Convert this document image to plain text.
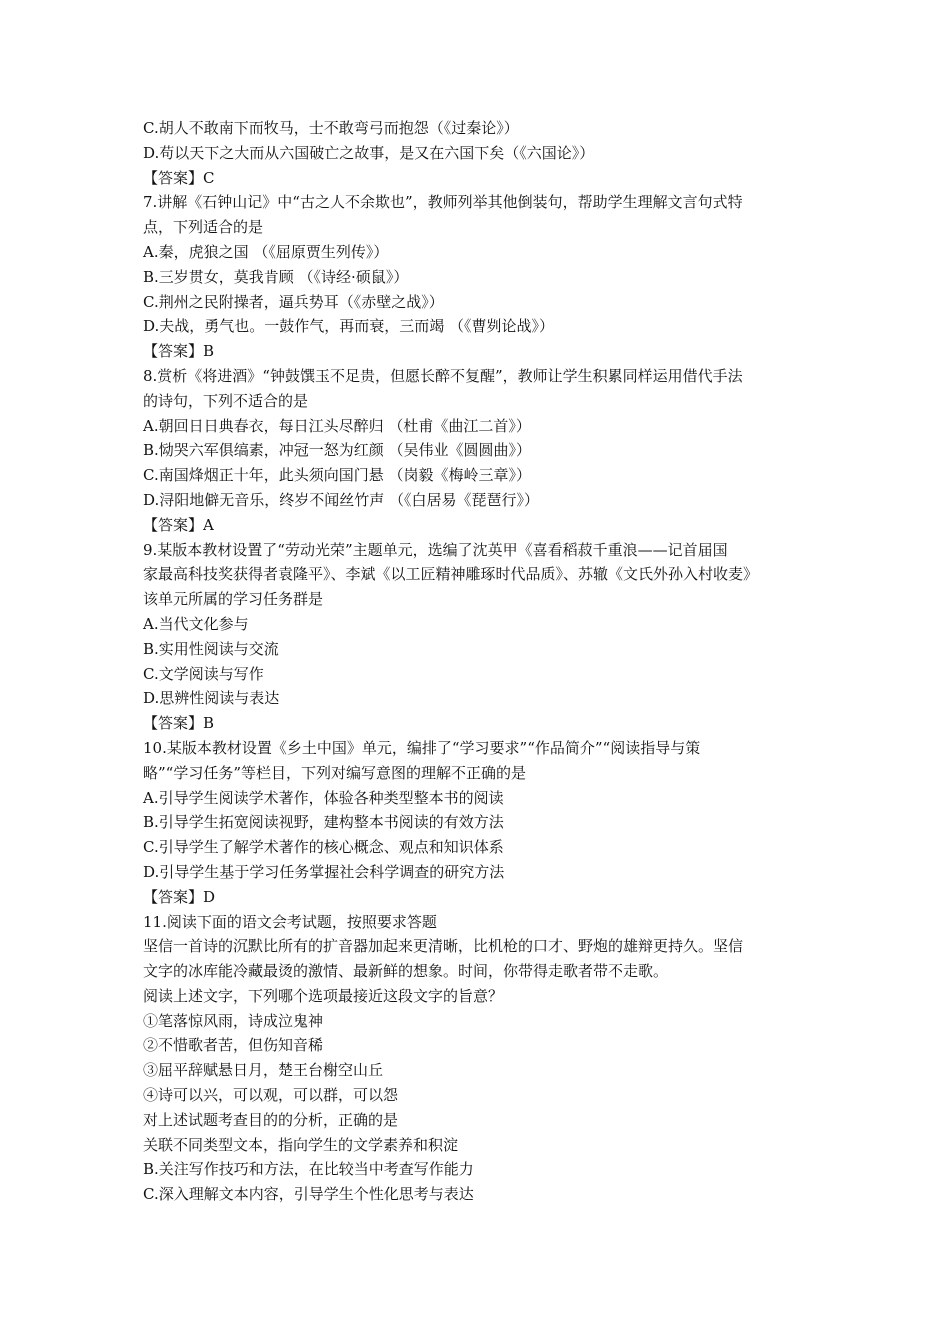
C.胡人不敢南下而牧马，士不敢弯弓而抱怨（《过秦论》）
D.苟以天下之大而从六国破亡之故事，是又在六国下矣（《六国论》）
【答案】C
7.讲解《石钟山记》中“古之人不余欺也”，教师列举其他倒装句，帮助学生理解文言句式特
点，下列适合的是
A.秦，虎狼之国 （《屈原贾生列传》）
B.三岁贯女，莫我肯顾 （《诗经·硕鼠》）
C.荆州之民附操者，逼兵势耳（《赤壁之战》）
D.夫战，勇气也。一鼓作气，再而衰，三而竭 （《曹刿论战》）
【答案】B
8.赏析《将进酒》“钟鼓馔玉不足贵，但愿长醉不复醒”，教师让学生积累同样运用借代手法
的诗句，下列不适合的是
A.朝回日日典春衣，每日江头尽醉归 （杜甫《曲江二首》）
B.恸哭六军俱缟素，冲冠一怒为红颜 （吴伟业《圆圆曲》）
C.南国烽烟正十年，此头须向国门悬 （岗毅《梅岭三章》）
D.浔阳地僻无音乐，终岁不闻丝竹声 （《白居易《琵琶行》）
【答案】A
9.某版本教材设置了“劳动光荣”主题单元，选编了沈英甲《喜看稻菽千重浪——记首届国
家最高科技奖获得者袁隆平》、李斌《以工匠精神雕琢时代品质》、苏辙《文氏外孙入村收麦》
该单元所属的学习任务群是
A.当代文化参与
B.实用性阅读与交流
C.文学阅读与写作
D.思辨性阅读与表达
【答案】B
10.某版本教材设置《乡土中国》单元，编排了“学习要求”“作品简介”“阅读指导与策
略”“学习任务”等栏目，下列对编写意图的理解不正确的是
A.引导学生阅读学术著作，体验各种类型整本书的阅读
B.引导学生拓宽阅读视野，建构整本书阅读的有效方法
C.引导学生了解学术著作的核心概念、观点和知识体系
D.引导学生基于学习任务掌握社会科学调查的研究方法
【答案】D
11.阅读下面的语文会考试题，按照要求答题
坚信一首诗的沉默比所有的扩音器加起来更清晰，比机枪的口才、野炮的雄辩更持久。坚信
文字的冰库能冷藏最烫的激情、最新鲜的想象。时间，你带得走歌者带不走歌。
阅读上述文字，下列哪个选项最接近这段文字的旨意？
①笔落惊风雨，诗成泣鬼神
②不惜歌者苦，但伤知音稀
③屈平辞赋悬日月，楚王台榭空山丘
④诗可以兴，可以观，可以群，可以怨
对上述试题考查目的的分析，正确的是
关联不同类型文本，指向学生的文学素养和积淀
B.关注写作技巧和方法，在比较当中考查写作能力
C.深入理解文本内容，引导学生个性化思考与表达
